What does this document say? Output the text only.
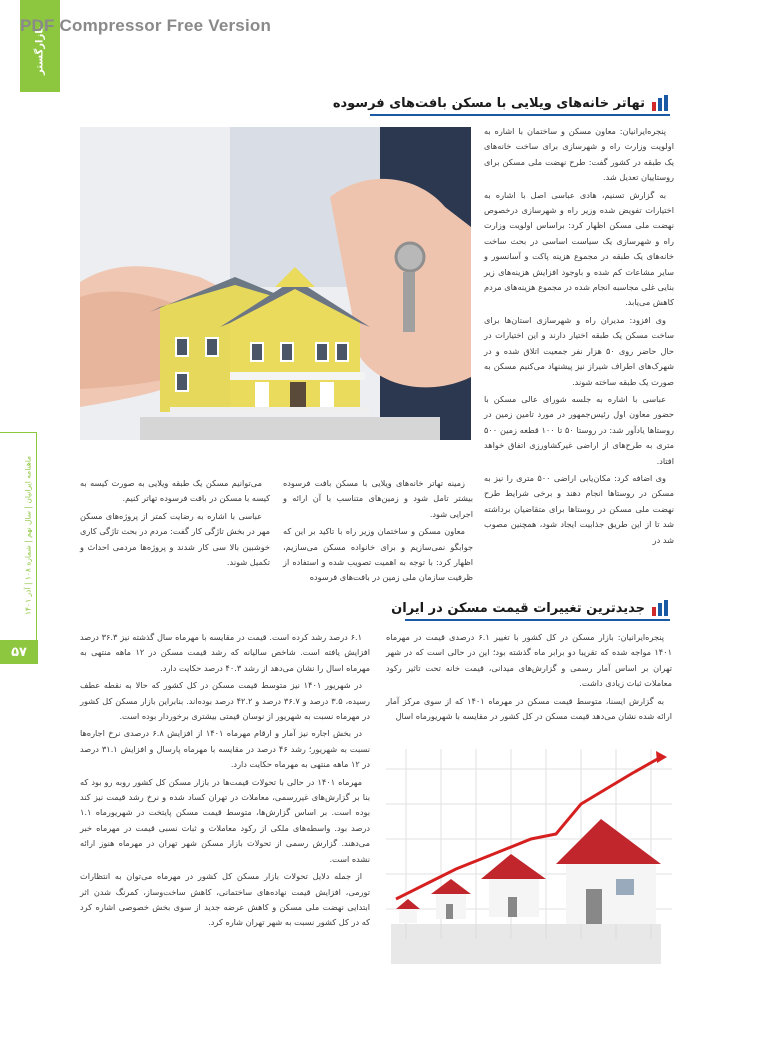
PDF Compressor Free Version
بازارگستر
ماهنامه ایرانیان | سال نهم | شماره ۱۰۸ | آذر ۱۴۰۱
۵۷
تهاتر خانه‌های ویلایی با مسکن بافت‌های فرسوده

پنجره‌ایرانیان: معاون مسکن و ساختمان با اشاره به اولویت وزارت راه و شهرسازی برای ساخت خانه‌های یک طبقه در کشور گفت: طرح نهضت ملی مسکن برای روستاییان تعدیل شد.

به گزارش تسنیم، هادی عباسی اصل با اشاره به اختیارات تفویض شده وزیر راه و شهرسازی درخصوص نهضت ملی مسکن اظهار کرد: براساس اولویت وزارت راه و شهرسازی یک سیاست اساسی در بحث ساخت خانه‌های یک طبقه در مجموع هزینه پاکت و آسانسور و سایر مشاعات کم شده و باوجود افزایش هزینه‌های زیر بنایی غلی مجاسبه انجام شده در مجموع هزینه‌های مردم کاهش می‌یابد.

وی افزود: مدیران راه و شهرسازی استان‌ها برای ساخت مسکن یک طبقه اختیار دارند و این اختیارات در حال حاضر روی ۵۰ هزار نفر جمعیت اتلاق شده و در شهرک‌های اطراف شیراز نیز پیشنهاد می‌کنیم مسکن به صورت یک طبقه ساخته شوند.

عباسی با اشاره به جلسه شورای عالی مسکن با حضور معاون اول رئیس‌جمهور در مورد تامین زمین در روستاها یادآور شد: در روستا ۵۰ تا ۱۰۰ قطعه زمین ۵۰۰ متری به طرح‌های از اراضی غیرکشاورزی اتفاق خواهد افتاد.

وی اضافه کرد: مکان‌یابی اراضی ۵۰۰ متری را نیز به مسکن در روستاها انجام دهند و برخی شرایط طرح نهضت ملی مسکن در روستاها برای متقاضیان برداشته شد تا از این طریق جذابیت ایجاد شود، همچنین مصوب شد در

زمینه تهاتر خانه‌های ویلایی با مسکن بافت فرسوده بیشتر تامل شود و زمین‌های متناسب با آن ارائه و اجرایی شود.

معاون مسکن و ساختمان وزیر راه با تاکید بر این که جوابگو نمی‌سازیم و برای خانواده مسکن می‌سازیم، اظهار کرد: با توجه به اهمیت تصویب شده و استفاده از ظرفیت سازمان ملی زمین در بافت‌های فرسوده

می‌توانیم مسکن یک طبقه ویلایی به صورت کیسه به کیسه با مسکن در بافت فرسوده تهاتر کنیم.

عباسی با اشاره به رضایت کمتر از پروژه‌های مسکن مهر در بخش تاژگی کار گفت: مردم در بحث تاژگی کاری خوشبین بالا سی کار شدند و پروژه‌ها مردمی احداث و تکمیل شوند.

جدیدترین تغییرات قیمت مسکن در ایران

پنجره‌ایرانیان: بازار مسکن در کل کشور با تغییر ۶.۱ درصدی قیمت در مهرماه ۱۴۰۱ مواجه شده که تقریبا دو برابر ماه گذشته بود؛ این در حالی است که در شهر تهران بر اساس آمار رسمی و گزارش‌های میدانی، قیمت خانه تحت تاثیر رکود معاملات ثبات زیادی داشت.

به گزارش ایسنا، متوسط قیمت مسکن در مهرماه ۱۴۰۱ که از سوی مرکز آمار ارائه شده نشان می‌دهد قیمت مسکن در کل کشور در مقایسه با شهریورماه اسال

۶.۱ درصد رشد کرده است. قیمت در مقایسه با مهرماه سال گذشته نیز ۳۶.۳ درصد افزایش یافته است. شاخص سالیانه که رشد قیمت مسکن در ۱۲ ماهه منتهی به مهرماه اسال را نشان می‌دهد از رشد ۴۰.۳ درصد حکایت دارد.

در شهریور ۱۴۰۱ نیز متوسط قیمت مسکن در کل کشور که حالا به نقطه عطف رسیده، ۳.۵ درصد و ۳۶.۷ درصد و ۴۲.۲ درصد بوده‌اند. بنابراین بازار مسکن کل کشور در مهرماه نسبت به شهریور از نوسان قیمتی بیشتری برخوردار بوده است.

در بخش اجاره نیز آمار و ارقام مهرماه ۱۴۰۱ از افزایش ۶.۸ درصدی نرخ اجاره‌ها نسبت به شهریور؛ رشد ۴۶ درصد در مقایسه با مهرماه پارسال و افزایش ۳۱.۱ درصد در ۱۲ ماهه منتهی به مهرماه حکایت دارد.

مهرماه ۱۴۰۱ در حالی با تحولات قیمت‌ها در بازار مسکن کل کشور روبه رو بود که بنا بر گزارش‌های غیررسمی، معاملات در تهران کساد شده و نرخ رشد قیمت نیز کند بوده است. بر اساس گزارش‌ها، متوسط قیمت مسکن پایتخت در شهریورماه ۱.۱ درصد بود. واسطه‌های ملکی از رکود معاملات و ثبات نسبی قیمت در مهرماه خبر می‌دهند. گزارش رسمی از تحولات بازار مسکن شهر تهران در مهرماه هنوز ارائه نشده است.

از جمله دلایل تحولات بازار مسکن کل کشور در مهرماه می‌توان به انتظارات تورمی، افزایش قیمت نهاده‌های ساختمانی، کاهش ساخت‌وساز، کمرنگ شدن اثر ابتدایی نهضت ملی مسکن و کاهش عرضه جدید از سوی بخش خصوصی اشاره کرد که در کل کشور نسبت به شهر تهران شاره کرد.
